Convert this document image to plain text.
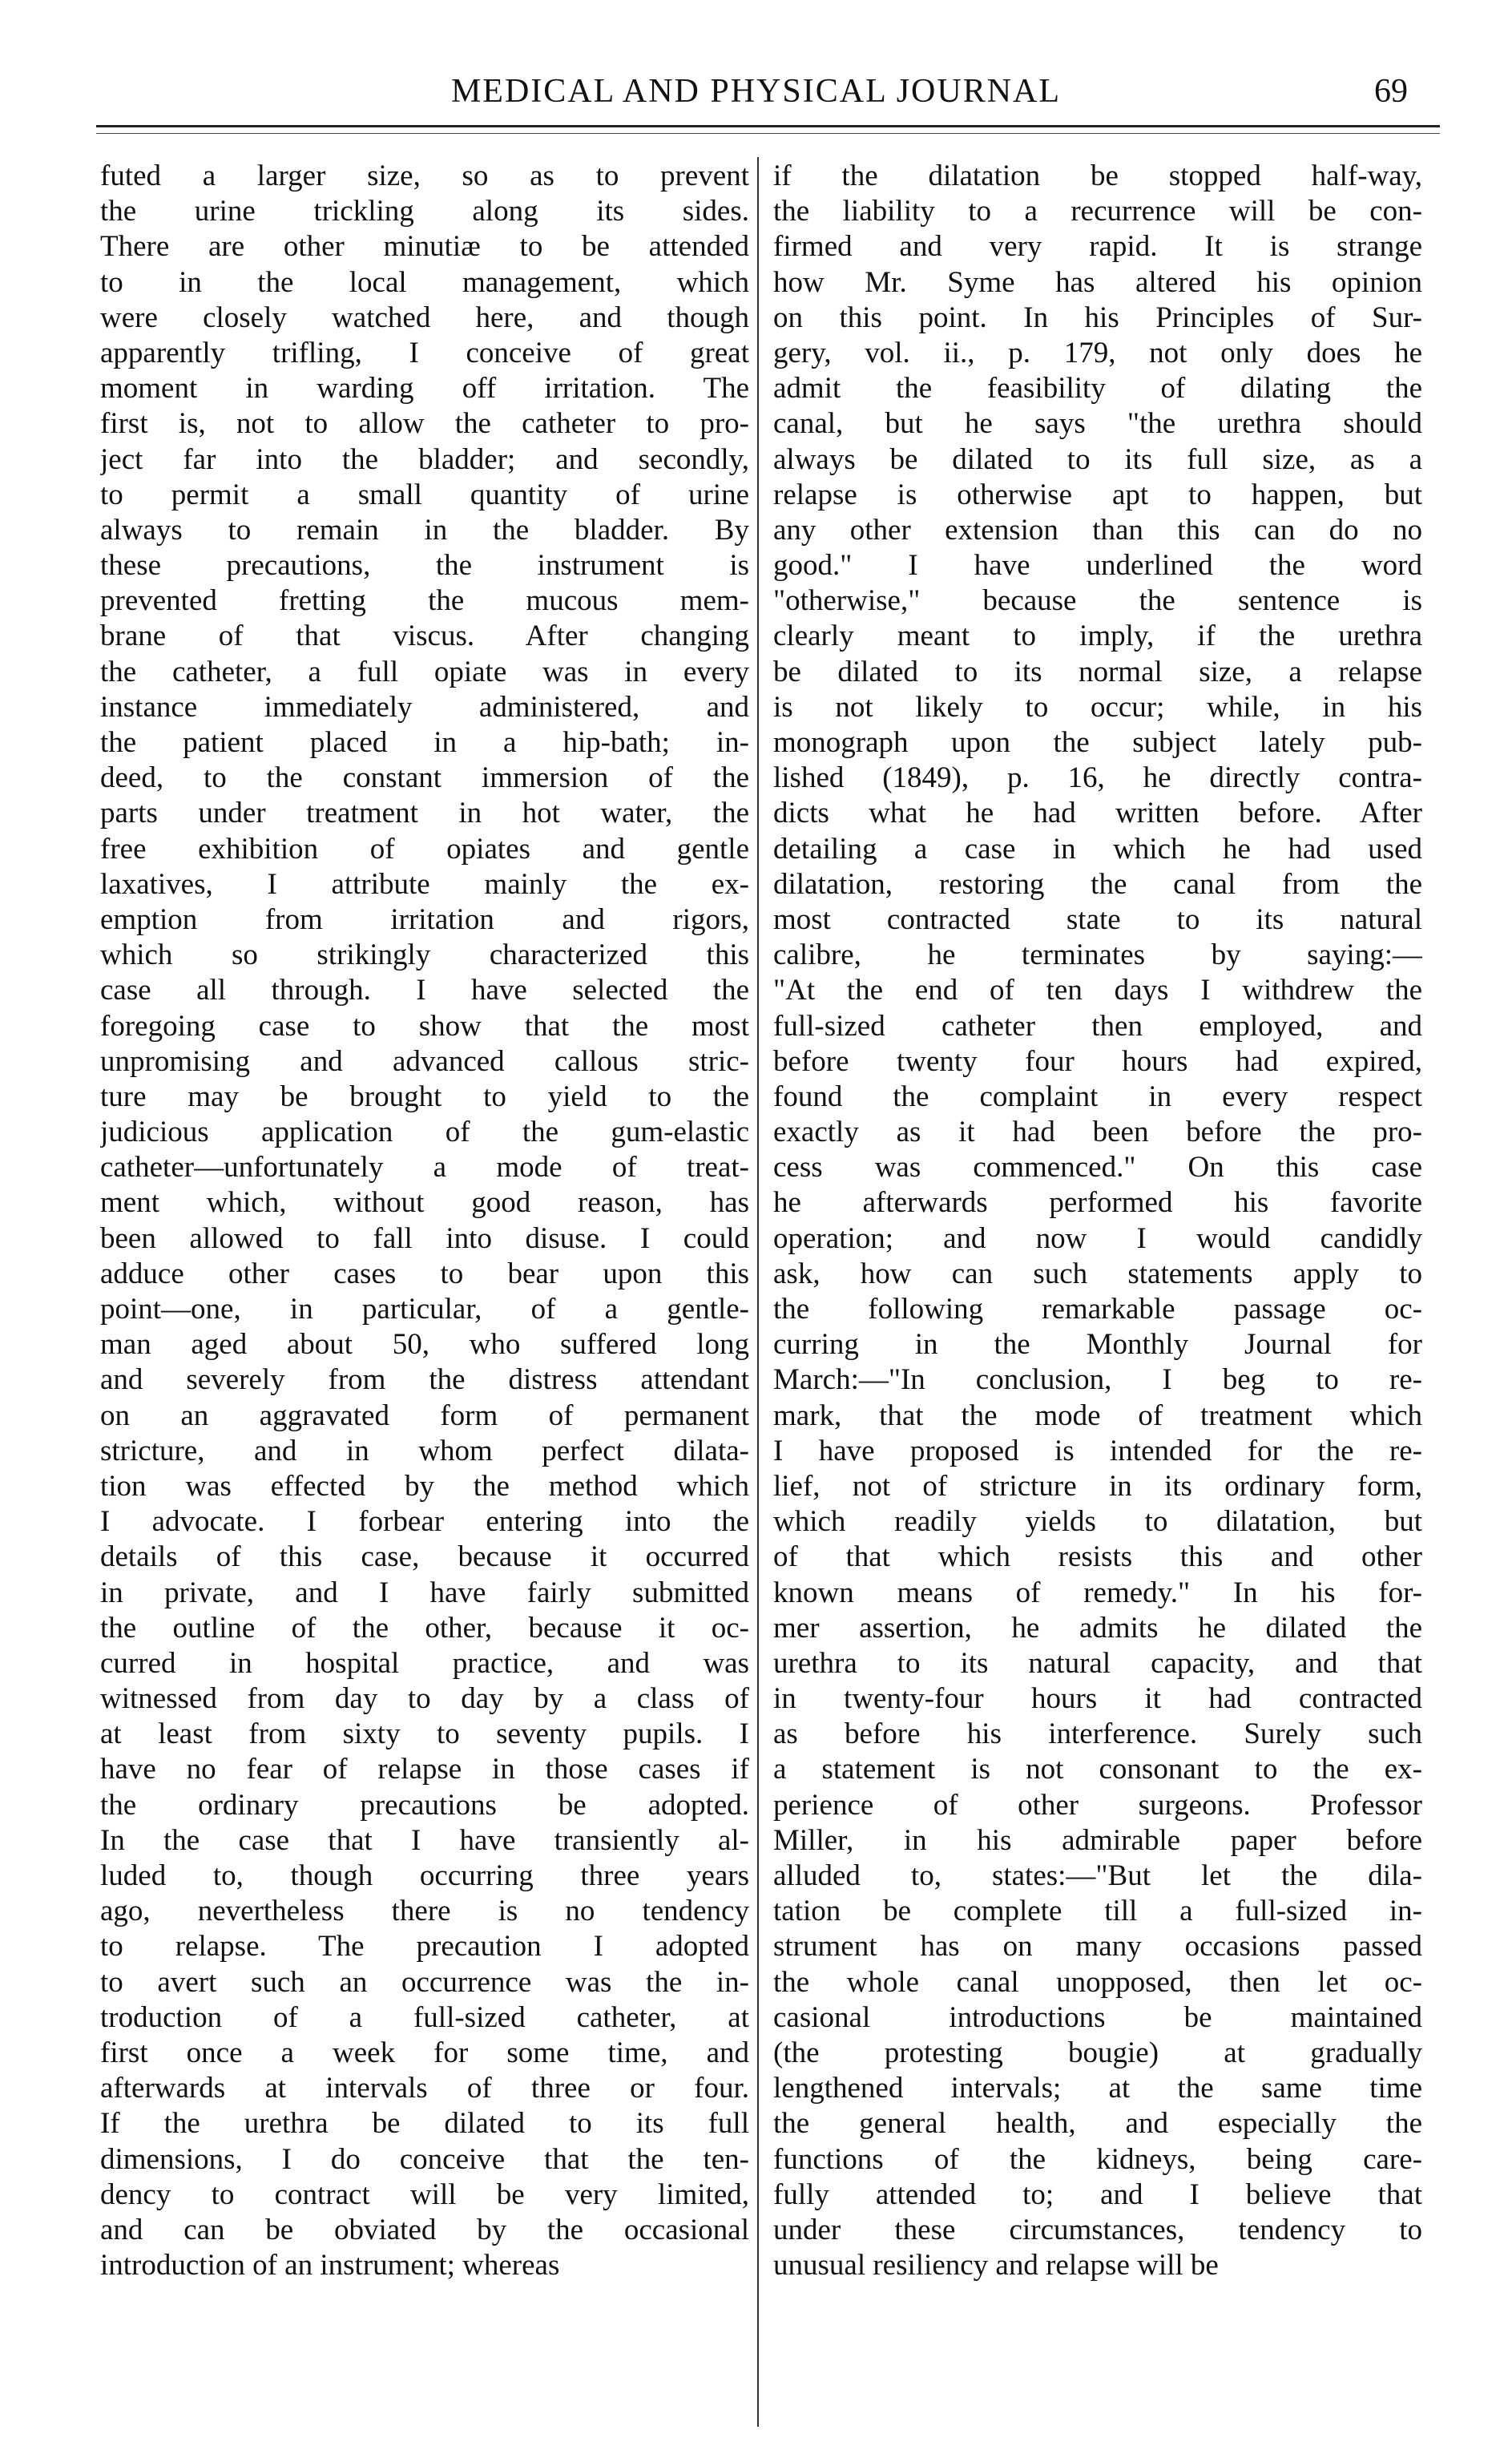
MEDICAL AND PHYSICAL JOURNAL	69
futed a larger size, so as to prevent
the urine trickling along its sides.
There are other minutiæ to be attended
to in the local management, which
were closely watched here, and though
apparently trifling, I conceive of great
moment in warding off irritation. The
first is, not to allow the catheter to pro-
ject far into the bladder; and secondly,
to permit a small quantity of urine
always to remain in the bladder. By
these precautions, the instrument is
prevented fretting the mucous mem-
brane of that viscus. After changing
the catheter, a full opiate was in every
instance immediately administered, and
the patient placed in a hip-bath; in-
deed, to the constant immersion of the
parts under treatment in hot water, the
free exhibition of opiates and gentle
laxatives, I attribute mainly the ex-
emption from irritation and rigors,
which so strikingly characterized this
case all through. I have selected the
foregoing case to show that the most
unpromising and advanced callous stric-
ture may be brought to yield to the
judicious application of the gum-elastic
catheter—unfortunately a mode of treat-
ment which, without good reason, has
been allowed to fall into disuse. I could
adduce other cases to bear upon this
point—one, in particular, of a gentle-
man aged about 50, who suffered long
and severely from the distress attendant
on an aggravated form of permanent
stricture, and in whom perfect dilata-
tion was effected by the method which
I advocate. I forbear entering into the
details of this case, because it occurred
in private, and I have fairly submitted
the outline of the other, because it oc-
curred in hospital practice, and was
witnessed from day to day by a class of
at least from sixty to seventy pupils. I
have no fear of relapse in those cases if
the ordinary precautions be adopted.
In the case that I have transiently al-
luded to, though occurring three years
ago, nevertheless there is no tendency
to relapse. The precaution I adopted
to avert such an occurrence was the in-
troduction of a full-sized catheter, at
first once a week for some time, and
afterwards at intervals of three or four.
If the urethra be dilated to its full
dimensions, I do conceive that the ten-
dency to contract will be very limited,
and can be obviated by the occasional
introduction of an instrument; whereas
if the dilatation be stopped half-way,
the liability to a recurrence will be con-
firmed and very rapid. It is strange
how Mr. Syme has altered his opinion
on this point. In his Principles of Sur-
gery, vol. ii., p. 179, not only does he
admit the feasibility of dilating the
canal, but he says "the urethra should
always be dilated to its full size, as a
relapse is otherwise apt to happen, but
any other extension than this can do no
good." I have underlined the word
"otherwise," because the sentence is
clearly meant to imply, if the urethra
be dilated to its normal size, a relapse
is not likely to occur; while, in his
monograph upon the subject lately pub-
lished (1849), p. 16, he directly contra-
dicts what he had written before. After
detailing a case in which he had used
dilatation, restoring the canal from the
most contracted state to its natural
calibre, he terminates by saying:—
"At the end of ten days I withdrew the
full-sized catheter then employed, and
before twenty four hours had expired,
found the complaint in every respect
exactly as it had been before the pro-
cess was commenced." On this case
he afterwards performed his favorite
operation; and now I would candidly
ask, how can such statements apply to
the following remarkable passage oc-
curring in the Monthly Journal for
March:—"In conclusion, I beg to re-
mark, that the mode of treatment which
I have proposed is intended for the re-
lief, not of stricture in its ordinary form,
which readily yields to dilatation, but
of that which resists this and other
known means of remedy." In his for-
mer assertion, he admits he dilated the
urethra to its natural capacity, and that
in twenty-four hours it had contracted
as before his interference. Surely such
a statement is not consonant to the ex-
perience of other surgeons. Professor
Miller, in his admirable paper before
alluded to, states:—"But let the dila-
tation be complete till a full-sized in-
strument has on many occasions passed
the whole canal unopposed, then let oc-
casional introductions be maintained
(the protesting bougie) at gradually
lengthened intervals; at the same time
the general health, and especially the
functions of the kidneys, being care-
fully attended to; and I believe that
under these circumstances, tendency to
unusual resiliency and relapse will be
